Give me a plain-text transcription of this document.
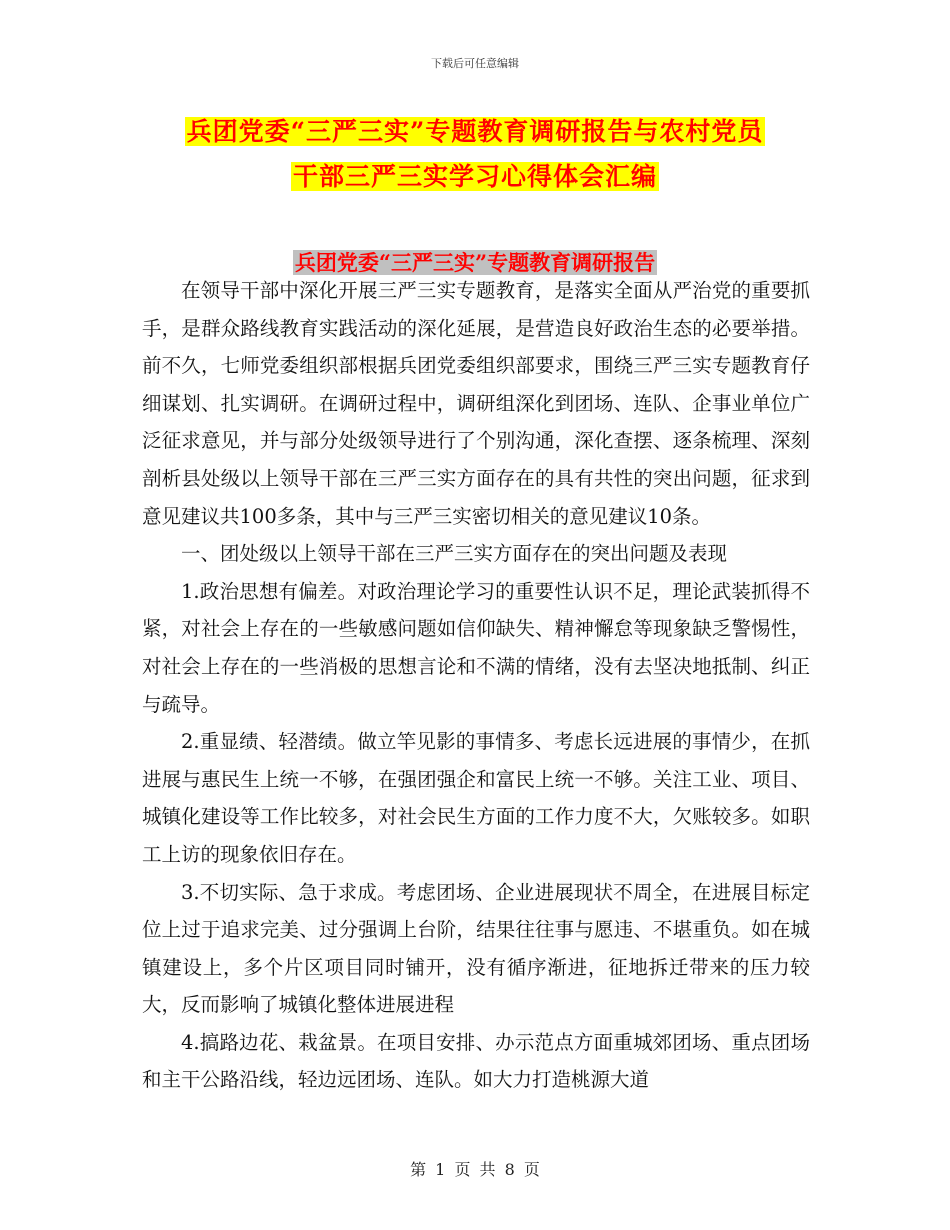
下载后可任意编辑
兵团党委“三严三实”专题教育调研报告与农村党员
干部三严三实学习心得体会汇编
兵团党委“三严三实”专题教育调研报告

在领导干部中深化开展三严三实专题教育，是落实全面从严治党的重要抓手，是群众路线教育实践活动的深化延展，是营造良好政治生态的必要举措。前不久，七师党委组织部根据兵团党委组织部要求，围绕三严三实专题教育仔细谋划、扎实调研。在调研过程中，调研组深化到团场、连队、企事业单位广泛征求意见，并与部分处级领导进行了个别沟通，深化查摆、逐条梳理、深刻剖析县处级以上领导干部在三严三实方面存在的具有共性的突出问题，征求到意见建议共100多条，其中与三严三实密切相关的意见建议10条。

一、团处级以上领导干部在三严三实方面存在的突出问题及表现

1.政治思想有偏差。对政治理论学习的重要性认识不足，理论武装抓得不紧，对社会上存在的一些敏感问题如信仰缺失、精神懈怠等现象缺乏警惕性，对社会上存在的一些消极的思想言论和不满的情绪，没有去坚决地抵制、纠正与疏导。

2.重显绩、轻潜绩。做立竿见影的事情多、考虑长远进展的事情少，在抓进展与惠民生上统一不够，在强团强企和富民上统一不够。关注工业、项目、城镇化建设等工作比较多，对社会民生方面的工作力度不大，欠账较多。如职工上访的现象依旧存在。

3.不切实际、急于求成。考虑团场、企业进展现状不周全，在进展目标定位上过于追求完美、过分强调上台阶，结果往往事与愿违、不堪重负。如在城镇建设上，多个片区项目同时铺开，没有循序渐进，征地拆迁带来的压力较大，反而影响了城镇化整体进展进程

4.搞路边花、栽盆景。在项目安排、办示范点方面重城郊团场、重点团场和主干公路沿线，轻边远团场、连队。如大力打造桃源大道

第 1 页 共 8 页
